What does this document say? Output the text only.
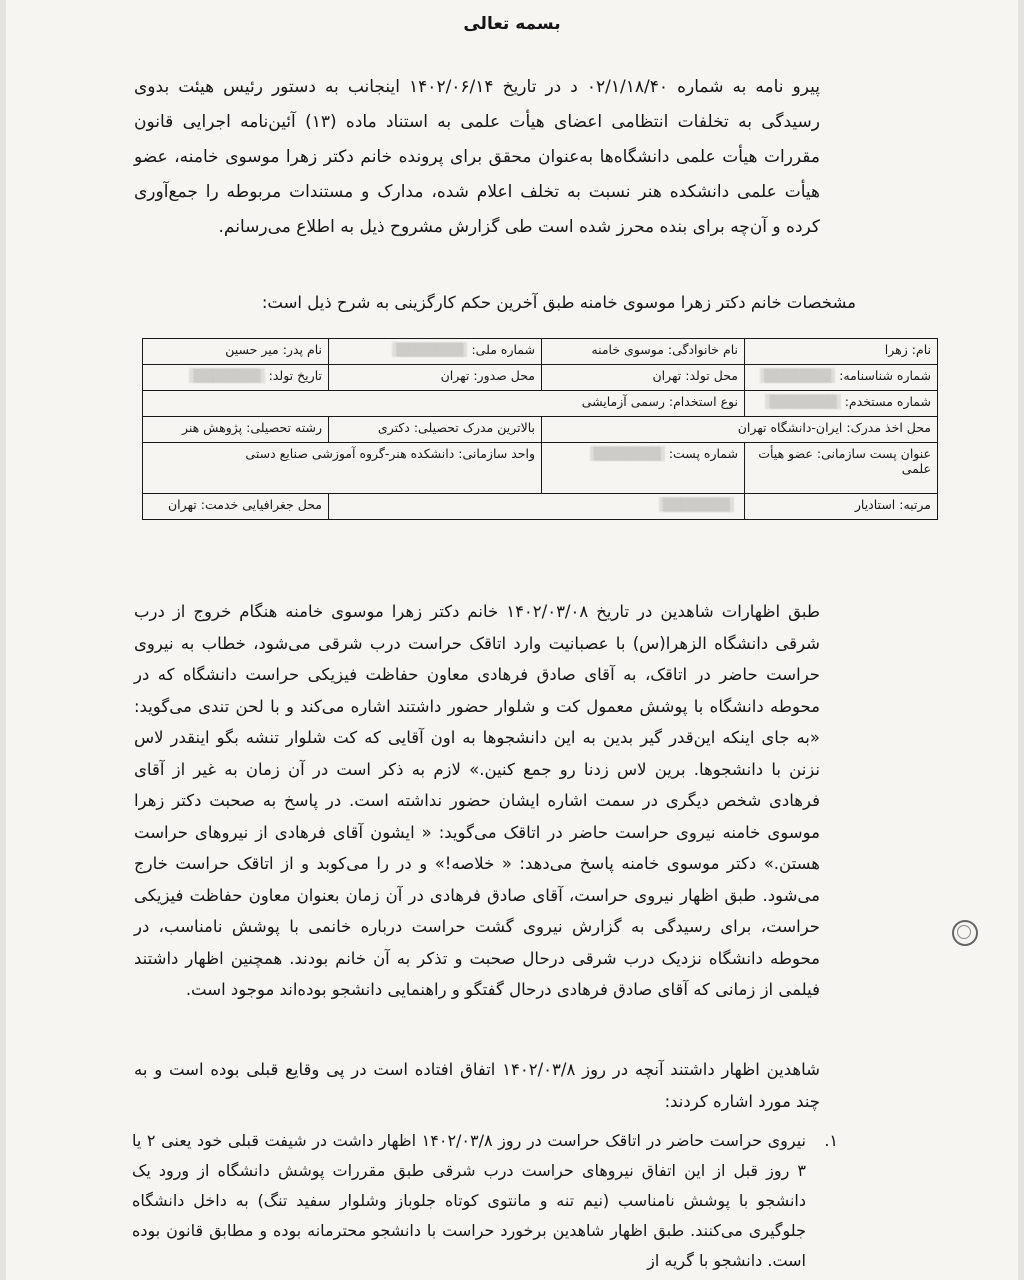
بسمه تعالی
پیرو نامه به شماره ۰۲/۱/۱۸/۴۰ د در تاریخ ۱۴۰۲/۰۶/۱۴ اینجانب به دستور رئیس هیئت بدوی رسیدگی به تخلفات انتظامی اعضای هیأت علمی به استناد ماده (۱۳) آئین‌نامه اجرایی قانون مقررات هیأت علمی دانشگاه‌ها به‌عنوان محقق برای پرونده خانم دکتر زهرا موسوی خامنه، عضو هیأت علمی دانشکده هنر نسبت به تخلف اعلام شده، مدارک و مستندات مربوطه را جمع‌آوری کرده و آن‌چه برای بنده محرز شده است طی گزارش مشروح ذیل به اطلاع می‌رسانم.
مشخصات خانم دکتر زهرا موسوی خامنه طبق آخرین حکم کارگزینی به شرح ذیل است:
نام: زهرا	نام خانوادگی: موسوی خامنه	شماره ملی:▒▒▒▒▒▒▒	نام پدر: میر حسین
شماره شناسنامه:▒▒▒▒▒▒▒	محل تولد: تهران	محل صدور: تهران	تاریخ تولد:▒▒▒▒▒▒▒
شماره مستخدم:▒▒▒▒▒▒▒	نوع استخدام: رسمی آزمایشی		
محل اخذ مدرک: ایران-دانشگاه تهران		بالاترین مدرک تحصیلی: دکتری	رشته تحصیلی: پژوهش هنر
عنوان پست سازمانی: عضو هیأت علمی	شماره پست:▒▒▒▒▒▒▒	واحد سازمانی: دانشکده هنر-گروه آموزشی صنایع دستی	
مرتبه: استادیار	▒▒▒▒▒▒▒		محل جغرافیایی خدمت: تهران
طبق اظهارات شاهدین در تاریخ ۱۴۰۲/۰۳/۰۸ خانم دکتر زهرا موسوی خامنه هنگام خروج از درب شرقی دانشگاه الزهرا(س) با عصبانیت وارد اتاقک حراست درب شرقی می‌شود، خطاب به نیروی حراست حاضر در اتاقک، به آقای صادق فرهادی معاون حفاظت فیزیکی حراست دانشگاه که در محوطه دانشگاه با پوشش معمول کت و شلوار حضور داشتند اشاره می‌کند و با لحن تندی می‌گوید: «به جای اینکه این‌قدر گیر بدین به این دانشجوها به اون آقایی که کت شلوار تنشه بگو اینقدر لاس نزنن با دانشجوها. برین لاس زدنا رو جمع کنین.» لازم به ذکر است در آن زمان به غیر از آقای فرهادی شخص دیگری در سمت اشاره ایشان حضور نداشته است. در پاسخ به صحبت دکتر زهرا موسوی خامنه نیروی حراست حاضر در اتاقک می‌گوید: « ایشون آقای فرهادی از نیروهای حراست هستن.» دکتر موسوی خامنه پاسخ می‌دهد: « خلاصه!» و در را می‌کوبد و از اتاقک حراست خارج می‌شود. طبق اظهار نیروی حراست، آقای صادق فرهادی در آن زمان بعنوان معاون حفاظت فیزیکی حراست، برای رسیدگی به گزارش نیروی گشت حراست درباره خانمی با پوشش نامناسب، در محوطه دانشگاه نزدیک درب شرقی درحال صحبت و تذکر به آن خانم بودند. همچنین اظهار داشتند فیلمی از زمانی که آقای صادق فرهادی درحال گفتگو و راهنمایی دانشجو بوده‌اند موجود است.
شاهدین اظهار داشتند آنچه در روز ۱۴۰۲/۰۳/۸ اتفاق افتاده است در پی وقایع قبلی بوده است و به چند مورد اشاره کردند:
۱.
نیروی حراست حاضر در اتاقک حراست در روز ۱۴۰۲/۰۳/۸ اظهار داشت در شیفت قبلی خود یعنی ۲ یا ۳ روز قبل از این اتفاق نیروهای حراست درب شرقی طبق مقررات پوشش دانشگاه از ورود یک دانشجو با پوشش نامناسب (نیم تنه و مانتوی کوتاه جلوباز وشلوار سفید تنگ) به داخل دانشگاه جلوگیری می‌کنند. طبق اظهار شاهدین برخورد حراست با دانشجو محترمانه بوده و مطابق قانون بوده است. دانشجو با گریه از
